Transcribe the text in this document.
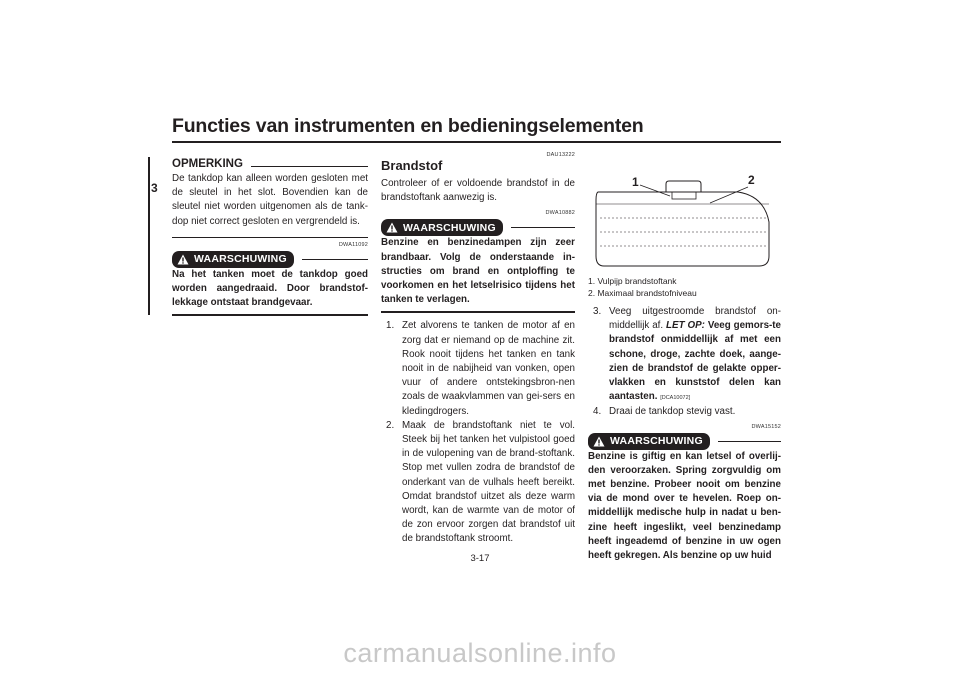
Functies van instrumenten en bedieningselementen
3
OPMERKING

De tankdop kan alleen worden gesloten met de sleutel in het slot. Bovendien kan de sleutel niet worden uitgenomen als de tank-dop niet correct gesloten en vergrendeld is.

DWA11092
WAARSCHUWING

Na het tanken moet de tankdop goed worden aangedraaid. Door brandstof-lekkage ontstaat brandgevaar.

DAU13222
Brandstof

Controleer of er voldoende brandstof in de brandstoftank aanwezig is.

DWA10882
WAARSCHUWING

Benzine en benzinedampen zijn zeer brandbaar. Volg de onderstaande in-structies om brand en ontploffing te voorkomen en het letselrisico tijdens het tanken te verlagen.

1. Zet alvorens te tanken de motor af en zorg dat er niemand op de machine zit. Rook nooit tijdens het tanken en tank nooit in de nabijheid van vonken, open vuur of andere ontstekingsbron-nen zoals de waakvlammen van gei-sers en kledingdrogers.
2. Maak de brandstoftank niet te vol. Steek bij het tanken het vulpistool goed in de vulopening van de brand-stoftank. Stop met vullen zodra de brandstof de onderkant van de vulhals heeft bereikt. Omdat brandstof uitzet als deze warm wordt, kan de warmte van de motor of de zon ervoor zorgen dat brandstof uit de brandstoftank stroomt.
1	2
1. Vulpijp brandstoftank
2. Maximaal brandstofniveau
3. Veeg uitgestroomde brandstof on-middellijk af. LET OP: Veeg gemors-te brandstof onmiddellijk af met een schone, droge, zachte doek, aange-zien de brandstof de gelakte opper-vlakken en kunststof delen kan aantasten. [DCA10072]
4. Draai de tankdop stevig vast.
DWA15152
WAARSCHUWING

Benzine is giftig en kan letsel of overlij-den veroorzaken. Spring zorgvuldig om met benzine. Probeer nooit om benzine via de mond over te hevelen. Roep on-middellijk medische hulp in nadat u ben-zine heeft ingeslikt, veel benzinedamp heeft ingeademd of benzine in uw ogen heeft gekregen. Als benzine op uw huid

3-17
carmanualsonline.info
